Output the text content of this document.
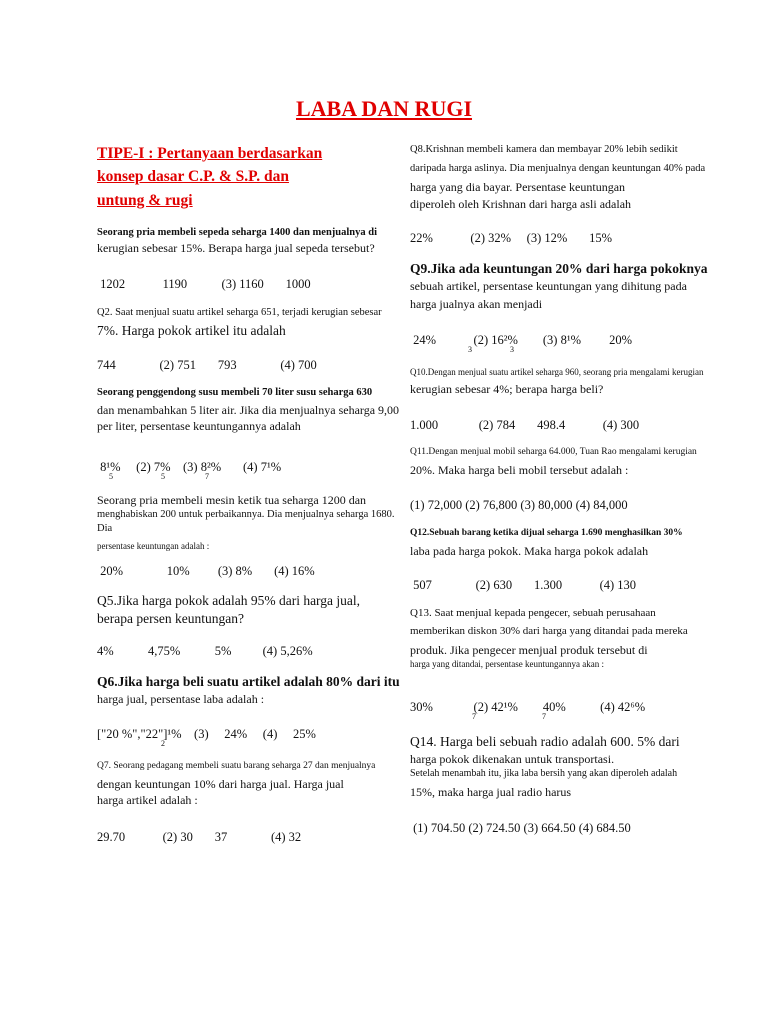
LABA DAN RUGI
TIPE-I : Pertanyaan berdasarkan
konsep dasar C.P. & S.P. dan
untung & rugi
Seorang pria membeli sepeda seharga 1400 dan menjualnya di
kerugian sebesar 15%. Berapa harga jual sepeda tersebut?
1202            1190           (3) 1160       1000
Q2. Saat menjual suatu artikel seharga 651, terjadi kerugian sebesar
7%. Harga pokok artikel itu adalah
744              (2) 751       793              (4) 700
Seorang penggendong susu membeli 70 liter susu seharga 630
dan menambahkan 5 liter air. Jika dia menjualnya seharga 9,00
per liter, persentase keuntungannya adalah
8¹%     (2) 7%    (3) 8²%       (4) 7¹%
5                        5                    7
Seorang pria membeli mesin ketik tua seharga 1200 dan
menghabiskan 200 untuk perbaikannya. Dia menjualnya seharga 1680. Dia
persentase keuntungan adalah :
20%              10%         (3) 8%       (4) 16%
Q5.Jika harga pokok adalah 95% dari harga jual,
berapa persen keuntungan?
4%           4,75%           5%          (4) 5,26%
Q6.Jika harga beli suatu artikel adalah 80% dari itu
harga jual, persentase laba adalah :
["20 %","22"]¹%    (3)     24%     (4)     25%
2
Q7. Seorang pedagang membeli suatu barang seharga 27 dan menjualnya
dengan keuntungan 10% dari harga jual. Harga jual
harga artikel adalah :
29.70            (2) 30       37              (4) 32
Q8.Krishnan membeli kamera dan membayar 20% lebih sedikit
daripada harga aslinya. Dia menjualnya dengan keuntungan 40% pada
harga yang dia bayar. Persentase keuntungan
diperoleh oleh Krishnan dari harga asli adalah
22%            (2) 32%     (3) 12%       15%
Q9.Jika ada keuntungan 20% dari harga pokoknya
sebuah artikel, persentase keuntungan yang dihitung pada
harga jualnya akan menjadi
24%            (2) 16²%        (3) 8¹%         20%
3                   3
Q10.Dengan menjual suatu artikel seharga 960, seorang pria mengalami kerugian
kerugian sebesar 4%; berapa harga beli?
1.000             (2) 784       498.4            (4) 300
Q11.Dengan menjual mobil seharga 64.000, Tuan Rao mengalami kerugian
20%. Maka harga beli mobil tersebut adalah :
(1) 72,000 (2) 76,800 (3) 80,000 (4) 84,000
Q12.Sebuah barang ketika dijual seharga 1.690 menghasilkan 30%
laba pada harga pokok. Maka harga pokok adalah
507              (2) 630       1.300            (4) 130
Q13. Saat menjual kepada pengecer, sebuah perusahaan
memberikan diskon 30% dari harga yang ditandai pada mereka
produk. Jika pengecer menjual produk tersebut di
harga yang ditandai, persentase keuntungannya akan :
30%             (2) 42¹%        40%           (4) 42⁶%
7                                 7
Q14. Harga beli sebuah radio adalah 600. 5% dari
harga pokok dikenakan untuk transportasi.
Setelah menambah itu, jika laba bersih yang akan diperoleh adalah
15%, maka harga jual radio harus
(1) 704.50 (2) 724.50 (3) 664.50 (4) 684.50
